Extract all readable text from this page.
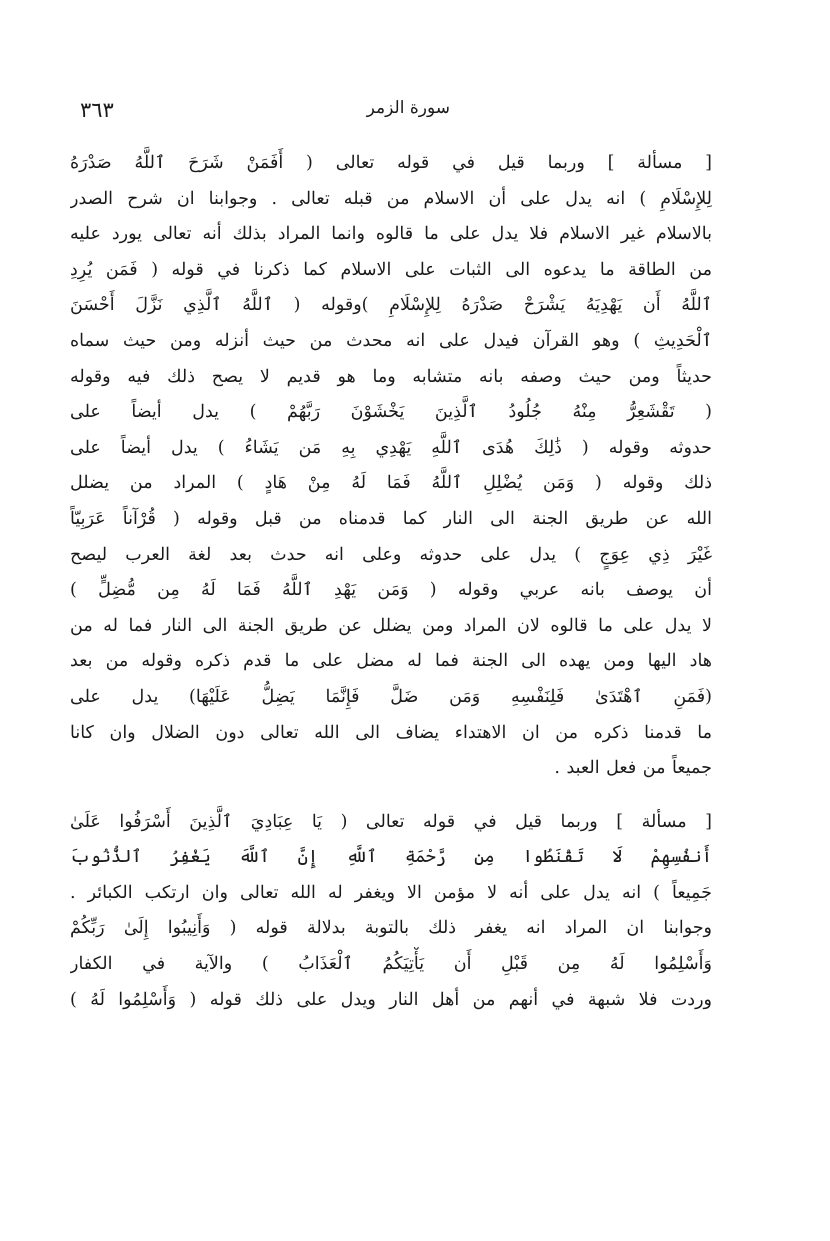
سورة الزمر
٣٦٣
[ مسألة ] وربما قيل في قوله تعالى ( أَفَمَنْ شَرَحَ ٱللَّهُ صَدْرَهُ
لِلإِسْلَامِ ) انه يدل على أن الاسلام من قبله تعالى . وجوابنا ان شرح الصدر
بالاسلام غير الاسلام فلا يدل على ما قالوه وانما المراد بذلك أنه تعالى يورد عليه
من الطاقة ما يدعوه الى الثبات على الاسلام كما ذكرنا في قوله ( فَمَن يُرِدِ
ٱللَّهُ أَن يَهْدِيَهُ يَشْرَحْ صَدْرَهُ لِلإِسْلَامِ )وقوله ( ٱللَّهُ ٱلَّذِي نَزَّلَ أَحْسَنَ
ٱلْحَدِيثِ ) وهو القرآن فيدل على انه محدث من حيث أنزله ومن حيث سماه
حديثاً ومن حيث وصفه بانه متشابه وما هو قديم لا يصح ذلك فيه وقوله
( تَقْشَعِرُّ مِنْهُ جُلُودُ ٱلَّذِينَ يَخْشَوْنَ رَبَّهُمْ ) يدل أيضاً على
حدوثه وقوله ( ذَٰلِكَ هُدَى ٱللَّهِ يَهْدِي بِهِ مَن يَشَاءُ ) يدل أيضاً على
ذلك وقوله ( وَمَن يُضْلِلِ ٱللَّهُ فَمَا لَهُ مِنْ هَادٍ ) المراد من يضلل
الله عن طريق الجنة الى النار كما قدمناه من قبل وقوله ( قُرْآناً عَرَبِيّاً
غَيْرَ ذِي عِوَجٍ ) يدل على حدوثه وعلى انه حدث بعد لغة العرب ليصح
أن يوصف بانه عربي وقوله ( وَمَن يَهْدِ ٱللَّهُ فَمَا لَهُ مِن مُّضِلٍّ )
لا يدل على ما قالوه لان المراد ومن يضلل عن طريق الجنة الى النار فما له من
هاد اليها ومن يهده الى الجنة فما له مضل على ما قدم ذكره وقوله من بعد
(فَمَنِ ٱهْتَدَىٰ فَلِنَفْسِهِ وَمَن ضَلَّ فَإِنَّمَا يَضِلُّ عَلَيْهَا) يدل على
ما قدمنا ذكره من ان الاهتداء يضاف الى الله تعالى دون الضلال وان كانا
جميعاً من فعل العبد .
[ مسألة ] وربما قيل في قوله تعالى ( يَا عِبَادِيَ ٱلَّذِينَ أَسْرَفُوا عَلَىٰ
أَنفُسِهِمْ لَا تَقْنَطُوا مِن رَّحْمَةِ ٱللَّهِ إِنَّ ٱللَّهَ يَغْفِرُ ٱلذُّنُوبَ
جَمِيعاً ) انه يدل على أنه لا مؤمن الا ويغفر له الله تعالى وان ارتكب الكبائر .
وجوابنا ان المراد انه يغفر ذلك بالتوبة بدلالة قوله ( وَأَنِيبُوا إِلَىٰ رَبِّكُمْ
وَأَسْلِمُوا لَهُ مِن قَبْلِ أَن يَأْتِيَكُمُ ٱلْعَذَابُ ) والآية في الكفار
وردت فلا شبهة في أنهم من أهل النار ويدل على ذلك قوله ( وَأَسْلِمُوا لَهُ )
